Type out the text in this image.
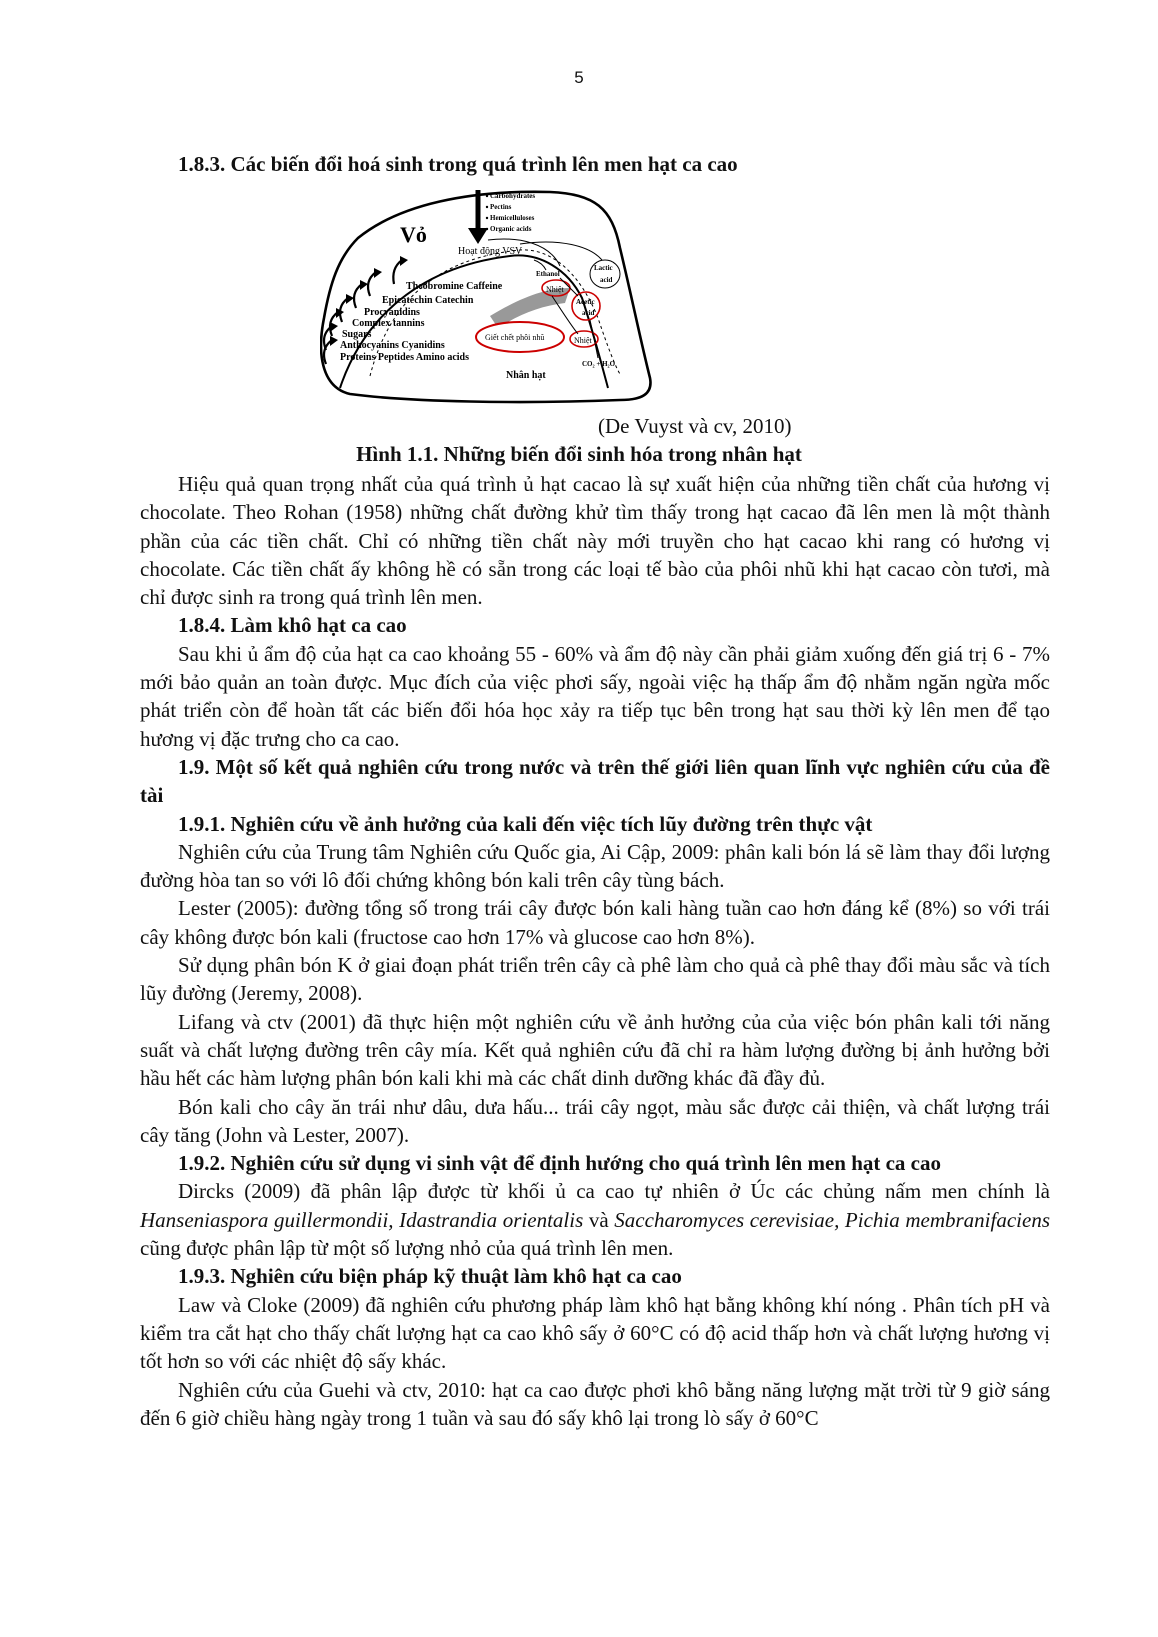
5
1.8.3. Các biến đổi hoá sinh trong quá trình lên men hạt ca cao
Vỏ
Hoạt động VSV
Carbohydrates
Pectins
Hemicelluloses
Organic acids
Theobromine Caffeine
Epicatechin Catechin
Procyanidins
Complex tannins
Sugars
Anthocyanins Cyanidins
Proteins Peptides Amino acids
Ethanol
Lactic
acid
Acetic
acid
Nhiệt
Nhiệt
Giết chết phôi nhũ
CO₂ + H₂O
Nhân hạt
(De Vuyst và cv, 2010)
Hình 1.1. Những biến đổi sinh hóa trong nhân hạt

Hiệu quả quan trọng nhất của quá trình ủ hạt cacao là sự xuất hiện của những tiền chất của hương vị chocolate. Theo Rohan (1958) những chất đường khử tìm thấy trong hạt cacao đã lên men là một thành phần của các tiền chất. Chỉ có những tiền chất này mới truyền cho hạt cacao khi rang có hương vị chocolate. Các tiền chất ấy không hề có sẵn trong các loại tế bào của phôi nhũ khi hạt cacao còn tươi, mà chỉ được sinh ra trong quá trình lên men.

1.8.4. Làm khô hạt ca cao

Sau khi ủ ẩm độ của hạt ca cao khoảng 55 - 60% và ẩm độ này cần phải giảm xuống đến giá trị 6 - 7% mới bảo quản an toàn được. Mục đích của việc phơi sấy, ngoài việc hạ thấp ẩm độ nhằm ngăn ngừa mốc phát triển còn để hoàn tất các biến đổi hóa học xảy ra tiếp tục bên trong hạt sau thời kỳ lên men để tạo hương vị đặc trưng cho ca cao.

1.9. Một số kết quả nghiên cứu trong nước và trên thế giới liên quan lĩnh vực nghiên cứu của đề tài

1.9.1. Nghiên cứu về ảnh hưởng của kali đến việc tích lũy đường trên thực vật

Nghiên cứu của Trung tâm Nghiên cứu Quốc gia, Ai Cập, 2009: phân kali bón lá sẽ làm thay đổi lượng đường hòa tan so với lô đối chứng không bón kali trên cây tùng bách.

Lester (2005): đường tổng số trong trái cây được bón kali hàng tuần cao hơn đáng kể (8%) so với trái cây không được bón kali (fructose cao hơn 17% và glucose cao hơn 8%).

Sử dụng phân bón K ở giai đoạn phát triển trên cây cà phê làm cho quả cà phê thay đổi màu sắc và tích lũy đường (Jeremy, 2008).

Lifang và ctv (2001) đã thực hiện một nghiên cứu về ảnh hưởng của của việc bón phân kali tới năng suất và chất lượng đường trên cây mía. Kết quả nghiên cứu đã chỉ ra hàm lượng đường bị ảnh hưởng bởi hầu hết các hàm lượng phân bón kali khi mà các chất dinh dưỡng khác đã đầy đủ.

Bón kali cho cây ăn trái như dâu, dưa hấu... trái cây ngọt, màu sắc được cải thiện, và chất lượng trái cây tăng (John và Lester, 2007).

1.9.2. Nghiên cứu sử dụng vi sinh vật để định hướng cho quá trình lên men hạt ca cao

Dircks (2009) đã phân lập được từ khối ủ ca cao tự nhiên ở Úc các chủng nấm men chính là Hanseniaspora guillermondii, Idastrandia orientalis và Saccharomyces cerevisiae, Pichia membranifaciens cũng được phân lập từ một số lượng nhỏ của quá trình lên men.

1.9.3. Nghiên cứu biện pháp kỹ thuật làm khô hạt ca cao

Law và Cloke (2009) đã nghiên cứu phương pháp làm khô hạt bằng không khí nóng . Phân tích pH và kiểm tra cắt hạt cho thấy chất lượng hạt ca cao khô sấy ở 60°C có độ acid thấp hơn và chất lượng hương vị tốt hơn so với các nhiệt độ sấy khác.

Nghiên cứu của Guehi và ctv, 2010: hạt ca cao được phơi khô bằng năng lượng mặt trời từ 9 giờ sáng đến 6 giờ chiều hàng ngày trong 1 tuần và sau đó sấy khô lại trong lò sấy ở 60°C
